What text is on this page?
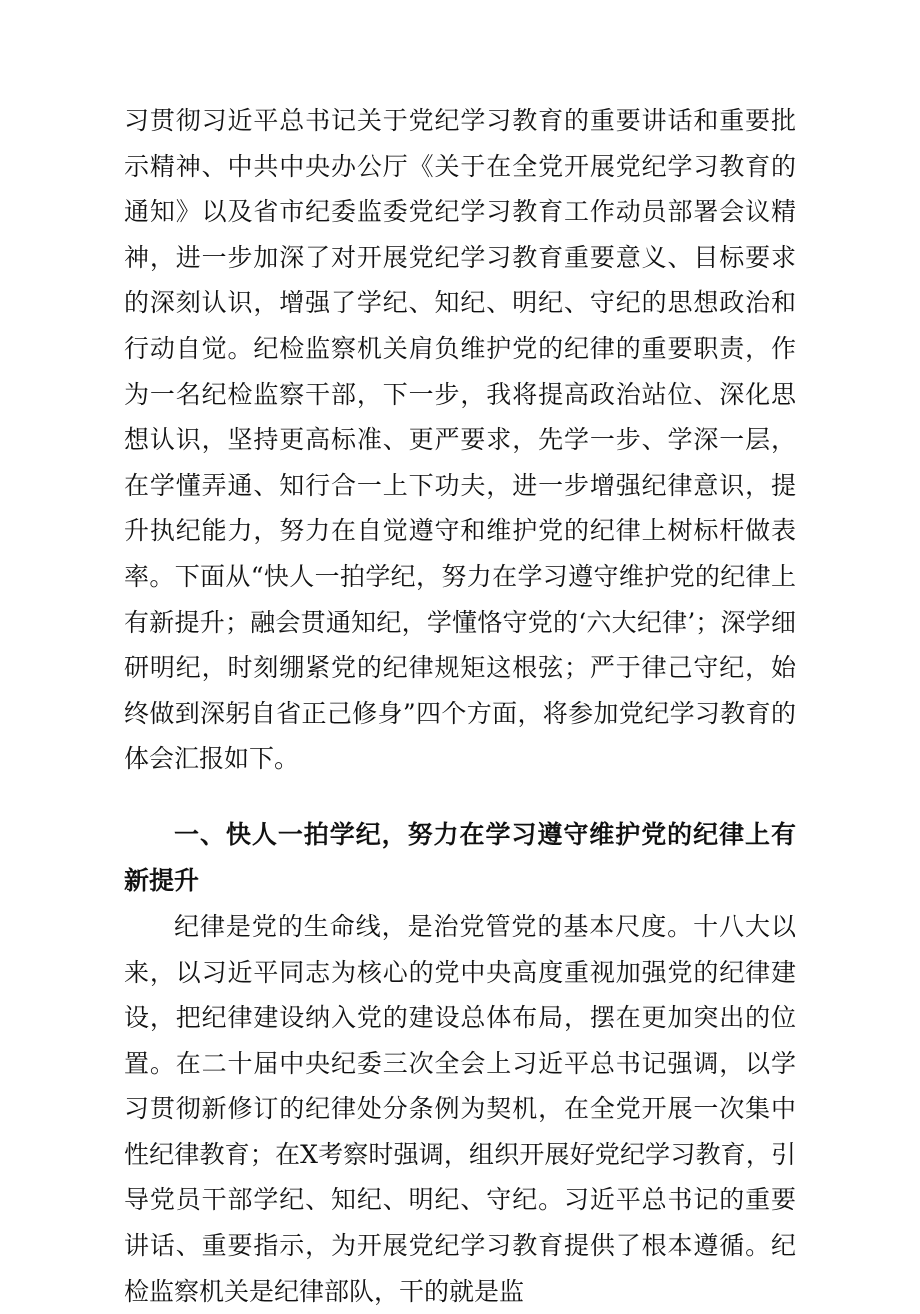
习贯彻习近平总书记关于党纪学习教育的重要讲话和重要批示精神、中共中央办公厅《关于在全党开展党纪学习教育的通知》以及省市纪委监委党纪学习教育工作动员部署会议精神，进一步加深了对开展党纪学习教育重要意义、目标要求的深刻认识，增强了学纪、知纪、明纪、守纪的思想政治和行动自觉。纪检监察机关肩负维护党的纪律的重要职责，作为一名纪检监察干部，下一步，我将提高政治站位、深化思想认识，坚持更高标准、更严要求，先学一步、学深一层，在学懂弄通、知行合一上下功夫，进一步增强纪律意识，提升执纪能力，努力在自觉遵守和维护党的纪律上树标杆做表率。下面从“快人一拍学纪，努力在学习遵守维护党的纪律上有新提升；融会贯通知纪，学懂恪守党的‘六大纪律’；深学细研明纪，时刻绷紧党的纪律规矩这根弦；严于律己守纪，始终做到深躬自省正己修身”四个方面，将参加党纪学习教育的体会汇报如下。

一、快人一拍学纪，努力在学习遵守维护党的纪律上有新提升

纪律是党的生命线，是治党管党的基本尺度。十八大以来，以习近平同志为核心的党中央高度重视加强党的纪律建设，把纪律建设纳入党的建设总体布局，摆在更加突出的位置。在二十届中央纪委三次全会上习近平总书记强调，以学习贯彻新修订的纪律处分条例为契机，在全党开展一次集中性纪律教育；在X考察时强调，组织开展好党纪学习教育，引导党员干部学纪、知纪、明纪、守纪。习近平总书记的重要讲话、重要指示，为开展党纪学习教育提供了根本遵循。纪检监察机关是纪律部队，干的就是监
